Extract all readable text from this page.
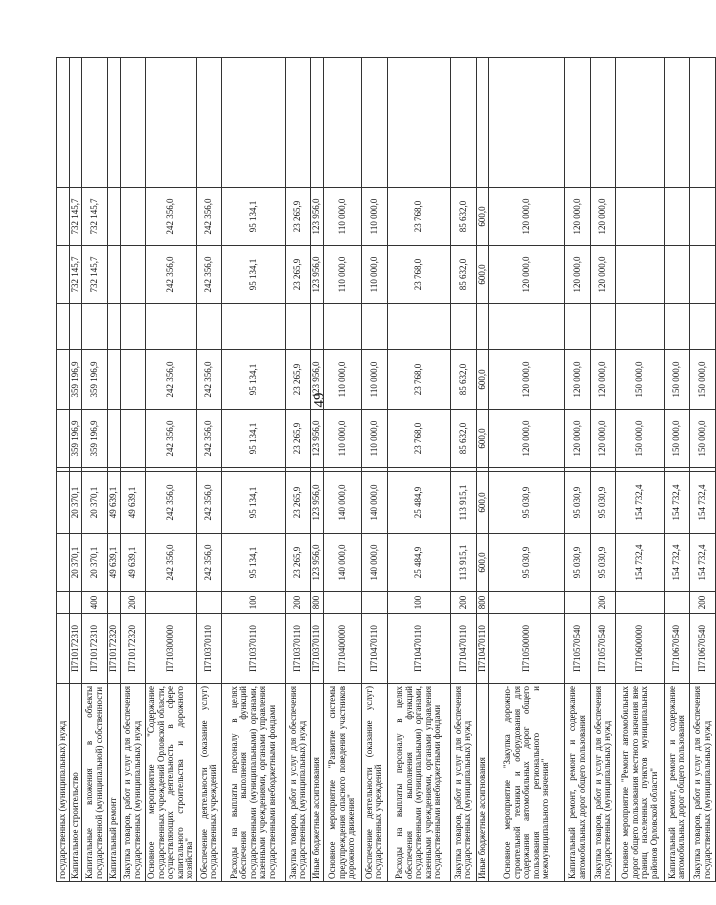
49
государственных (муниципальных) нужд											
Капитальное строительство	П710172310		20 370,1	20 370,1		359 196,9	359 196,9		732 145,7	732 145,7	
Капитальные вложения в объекты государственной (муниципальной) собственности	П710172310	400	20 370,1	20 370,1		359 196,9	359 196,9		732 145,7	732 145,7	
Капитальный ремонт	П710172320		49 639,1	49 639,1							
Закупка товаров, работ и услуг для обеспечения государственных (муниципальных) нужд	П710172320	200	49 639,1	49 639,1							
Основное мероприятие "Содержание государственных учреждений Орловской области, осуществляющих деятельность в сфере капитального строительства и дорожного хозяйства"	П710300000		242 356,0	242 356,0		242 356,0	242 356,0		242 356,0	242 356,0	
Обеспечение деятельности (оказание услуг) государственных учреждений	П710370110		242 356,0	242 356,0		242 356,0	242 356,0		242 356,0	242 356,0	
Расходы на выплаты персоналу в целях обеспечения выполнения функций государственными (муниципальными) органами, казенными учреждениями, органами управления государственными внебюджетными фондами	П710370110	100	95 134,1	95 134,1		95 134,1	95 134,1		95 134,1	95 134,1	
Закупка товаров, работ и услуг для обеспечения государственных (муниципальных) нужд	П710370110	200	23 265,9	23 265,9		23 265,9	23 265,9		23 265,9	23 265,9	
Иные бюджетные ассигнования	П710370110	800	123 956,0	123 956,0		123 956,0	123 956,0		123 956,0	123 956,0	
Основное мероприятие "Развитие системы предупреждения опасного поведения участников дорожного движения"	П710400000		140 000,0	140 000,0		110 000,0	110 000,0		110 000,0	110 000,0	
Обеспечение деятельности (оказание услуг) государственных учреждений	П710470110		140 000,0	140 000,0		110 000,0	110 000,0		110 000,0	110 000,0	
Расходы на выплаты персоналу в целях обеспечения выполнения функций государственными (муниципальными) органами, казенными учреждениями, органами управления государственными внебюджетными фондами	П710470110	100	25 484,9	25 484,9		23 768,0	23 768,0		23 768,0	23 768,0	
Закупка товаров, работ и услуг для обеспечения государственных (муниципальных) нужд	П710470110	200	113 915,1	113 915,1		85 632,0	85 632,0		85 632,0	85 632,0	
Иные бюджетные ассигнования	П710470110	800	600,0	600,0		600,0	600,0		600,0	600,0	
Основное мероприятие "Закупка дорожно-строительной техники и оборудования для содержания автомобильных дорог общего пользования регионального и межмуниципального значения"	П710500000		95 030,9	95 030,9		120 000,0	120 000,0		120 000,0	120 000,0	
Капитальный ремонт, ремонт и содержание автомобильных дорог общего пользования	П710570540		95 030,9	95 030,9		120 000,0	120 000,0		120 000,0	120 000,0	
Закупка товаров, работ и услуг для обеспечения государственных (муниципальных) нужд	П710570540	200	95 030,9	95 030,9		120 000,0	120 000,0		120 000,0	120 000,0	
Основное мероприятие "Ремонт автомобильных дорог общего пользования местного значения вне границ населенных пунктов муниципальных районов Орловской области"	П710600000		154 732,4	154 732,4		150 000,0	150 000,0				
Капитальный ремонт, ремонт и содержание автомобильных дорог общего пользования	П710670540		154 732,4	154 732,4		150 000,0	150 000,0				
Закупка товаров, работ и услуг для обеспечения государственных (муниципальных) нужд	П710670540	200	154 732,4	154 732,4		150 000,0	150 000,0				
